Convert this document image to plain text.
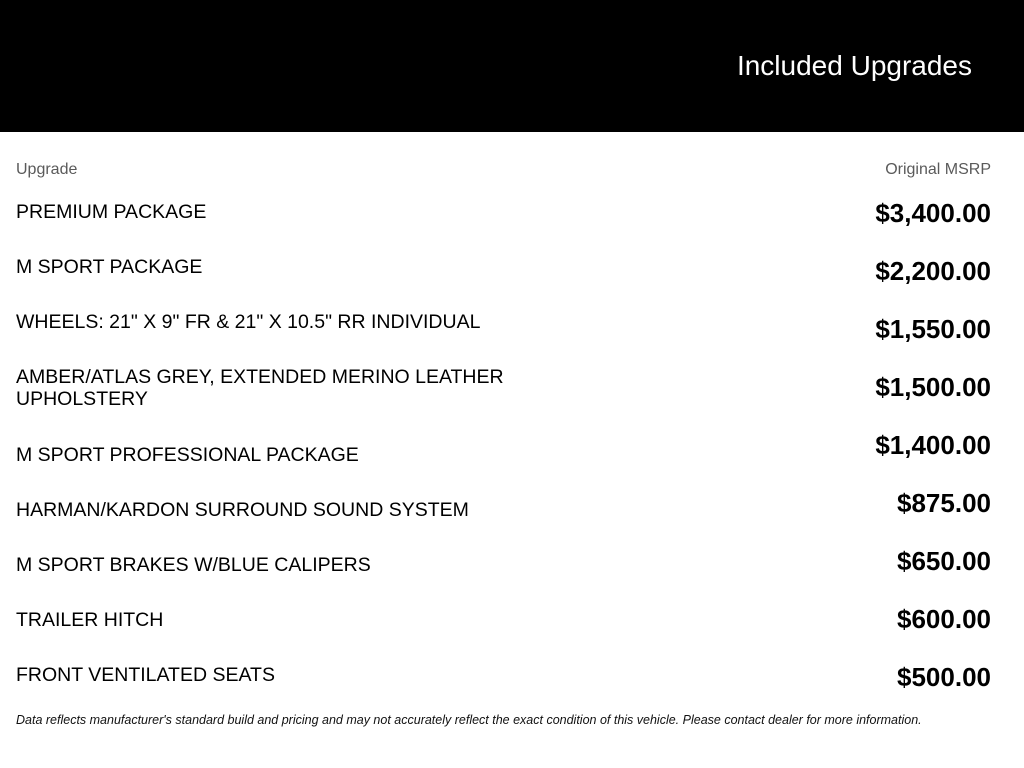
Included Upgrades
Upgrade	Original MSRP
PREMIUM PACKAGE	$3,400.00
M SPORT PACKAGE	$2,200.00
WHEELS: 21" X 9" FR & 21" X 10.5" RR INDIVIDUAL	$1,550.00
AMBER/ATLAS GREY, EXTENDED MERINO LEATHER UPHOLSTERY	$1,500.00
M SPORT PROFESSIONAL PACKAGE	$1,400.00
HARMAN/KARDON SURROUND SOUND SYSTEM	$875.00
M SPORT BRAKES W/BLUE CALIPERS	$650.00
TRAILER HITCH	$600.00
FRONT VENTILATED SEATS	$500.00
Data reflects manufacturer's standard build and pricing and may not accurately reflect the exact condition of this vehicle. Please contact dealer for more information.
